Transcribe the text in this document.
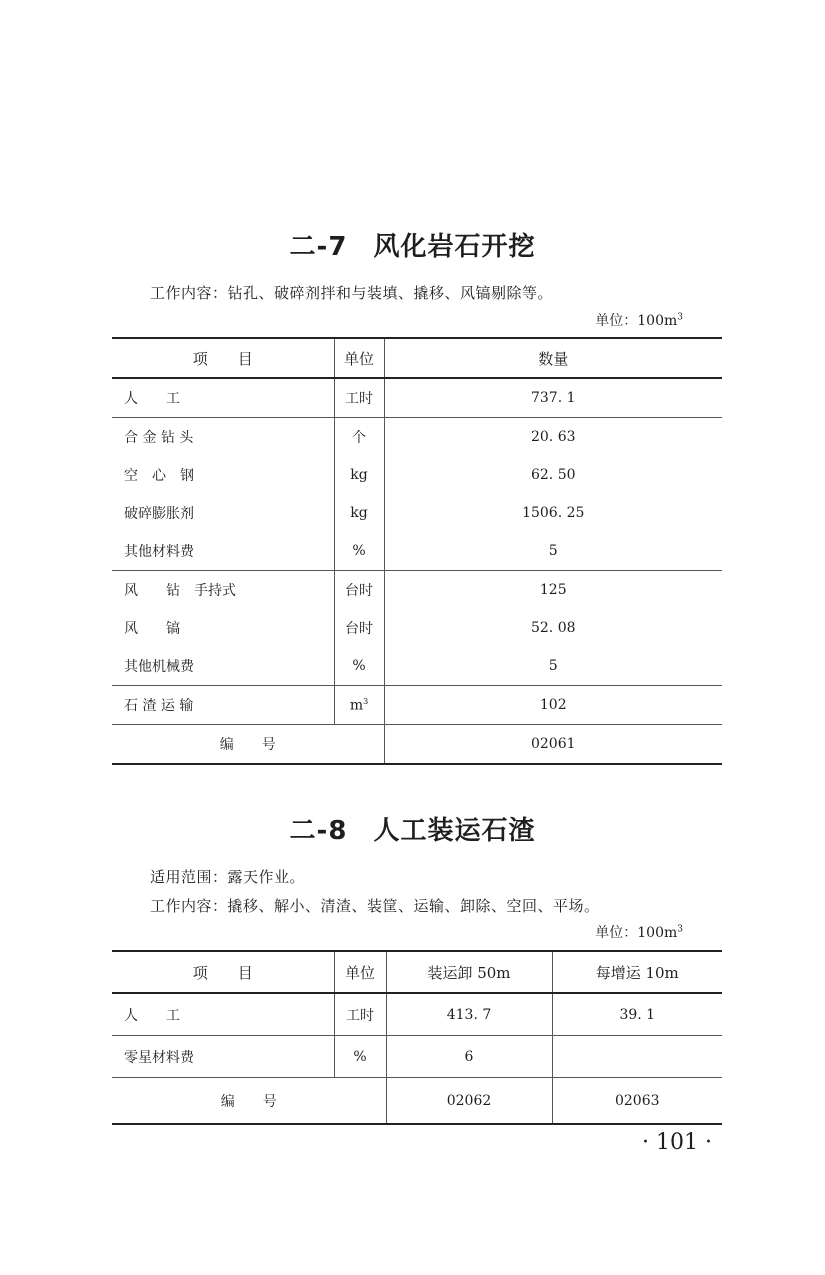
二-7 风化岩石开挖
工作内容：钻孔、破碎剂拌和与装填、撬移、风镐剔除等。
单位：$100m^3$
项　　目	单位	数量
人　　工	工时	737. 1
合 金 钻 头	个	20. 63
空　心　钢	kg	62. 50
破碎膨胀剂	kg	1506. 25
其他材料费	%	5
风　　钻　手持式	台时	125
风　　镐	台时	52. 08
其他机械费	%	5
石 渣 运 输	$m^3$	102
编　　号		02061
二-8 人工装运石渣
适用范围：露天作业。
工作内容：撬移、解小、清渣、装筐、运输、卸除、空回、平场。
单位：$100m^3$
项　　目	单位	装运卸 50m	每增运 10m
人　　工	工时	413. 7	39. 1
零星材料费	%	6	
编　　号		02062	02063
· 101 ·
